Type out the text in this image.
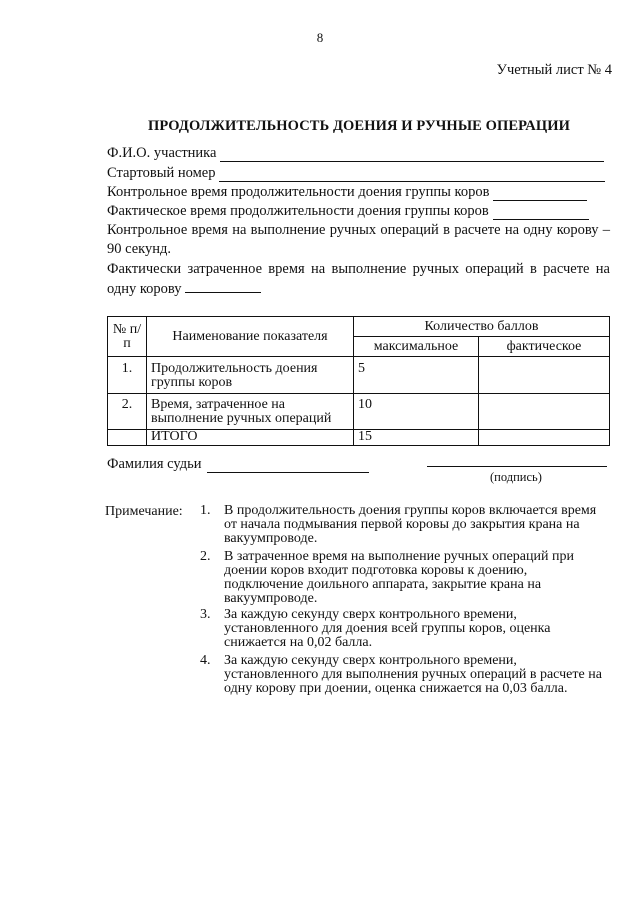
8
Учетный лист № 4
ПРОДОЛЖИТЕЛЬНОСТЬ ДОЕНИЯ И РУЧНЫЕ ОПЕРАЦИИ
Ф.И.О. участника
Стартовый номер
Контрольное время продолжительности доения группы коров
Фактическое время продолжительности доения группы коров
Контрольное время на выполнение ручных операций в расчете на одну корову – 90 секунд.
Фактически затраченное время на выполнение ручных операций в расчете на одну корову
№ п/п	Наименование показателя	Количество баллов	
		максимальное	фактическое
1.	Продолжительность доения группы коров	5	
2.	Время, затраченное на выполнение ручных операций	10	
	ИТОГО	15	
Фамилия судьи
(подпись)
Примечание: 1. В продолжительность доения группы коров включается время от начала подмывания первой коровы до закрытия крана на вакуумпроводе.
2. В затраченное время на выполнение ручных операций при доении коров входит подготовка коровы к доению, подключение доильного аппарата, закрытие крана на вакуумпроводе.
3. За каждую секунду сверх контрольного времени, установленного для доения всей группы коров, оценка снижается на 0,02 балла.
4. За каждую секунду сверх контрольного времени, установленного для выполнения ручных операций в расчете на одну корову при доении, оценка снижается на 0,03 балла.
